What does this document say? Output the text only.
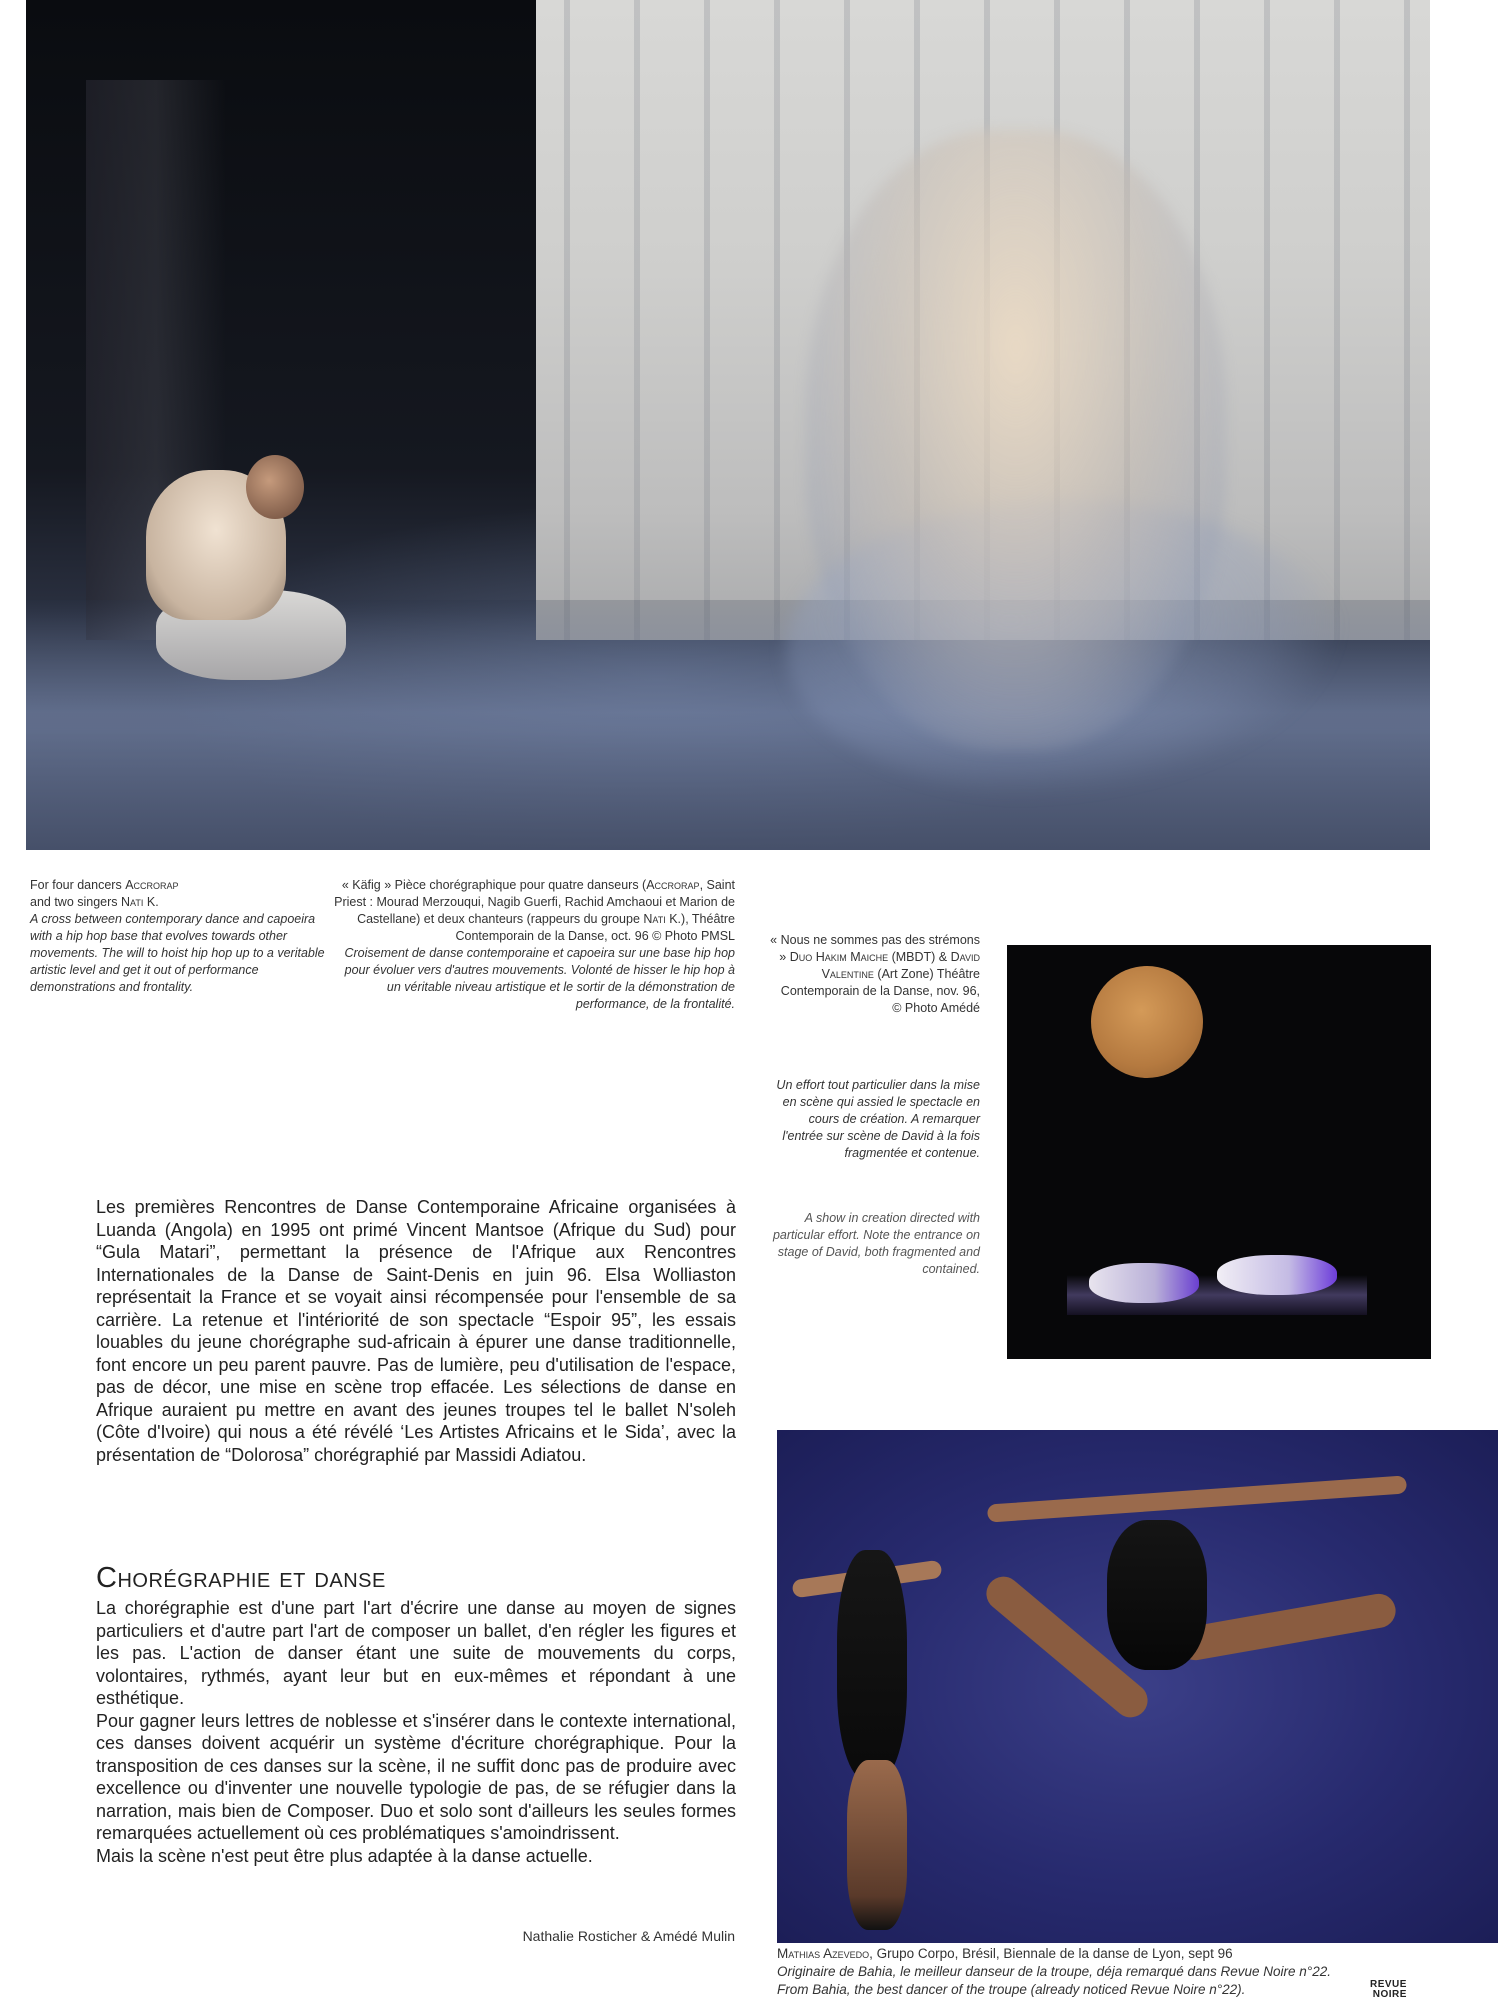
For four dancers Accrorap
and two singers Nati K.
A cross between contemporary dance and capoeira with a hip hop base that evolves towards other movements. The will to hoist hip hop up to a veritable artistic level and get it out of performance demonstrations and frontality.
« Käfig » Pièce chorégraphique pour quatre danseurs (Accrorap, Saint Priest : Mourad Merzouqui, Nagib Guerfi, Rachid Amchaoui et Marion de Castellane) et deux chanteurs (rappeurs du groupe Nati K.), Théâtre Contemporain de la Danse, oct. 96 © Photo PMSL
Croisement de danse contemporaine et capoeira sur une base hip hop pour évoluer vers d'autres mouvements. Volonté de hisser le hip hop à un véritable niveau artistique et le sortir de la démonstration de performance, de la frontalité.
« Nous ne sommes pas des strémons » Duo Hakim Maiche (MBDT) & David Valentine (Art Zone) Théâtre Contemporain de la Danse, nov. 96, © Photo Amédé
Un effort tout particulier dans la mise en scène qui assied le spectacle en cours de création. A remarquer l'entrée sur scène de David à la fois fragmentée et contenue.
A show in creation directed with particular effort. Note the entrance on stage of David, both fragmented and contained.
Les premières Rencontres de Danse Contemporaine Africaine organisées à Luanda (Angola) en 1995 ont primé Vincent Mantsoe (Afrique du Sud) pour “Gula Matari”, permettant la présence de l'Afrique aux Rencontres Internationales de la Danse de Saint-Denis en juin 96. Elsa Wolliaston représentait la France et se voyait ainsi récompensée pour l'ensemble de sa carrière. La retenue et l'intériorité de son spectacle “Espoir 95”, les essais louables du jeune chorégraphe sud-africain à épurer une danse traditionnelle, font encore un peu parent pauvre. Pas de lumière, peu d'utilisation de l'espace, pas de décor, une mise en scène trop effacée. Les sélections de danse en Afrique auraient pu mettre en avant des jeunes troupes tel le ballet N'soleh (Côte d'Ivoire) qui nous a été révélé ‘Les Artistes Africains et le Sida’, avec la présentation de “Dolorosa” chorégraphié par Massidi Adiatou.
Chorégraphie et danse

La chorégraphie est d'une part l'art d'écrire une danse au moyen de signes particuliers et d'autre part l'art de composer un ballet, d'en régler les figures et les pas. L'action de danser étant une suite de mouvements du corps, volontaires, rythmés, ayant leur but en eux-mêmes et répondant à une esthétique.

Pour gagner leurs lettres de noblesse et s'insérer dans le contexte international, ces danses doivent acquérir un système d'écriture chorégraphique. Pour la transposition de ces danses sur la scène, il ne suffit donc pas de produire avec excellence ou d'inventer une nouvelle typologie de pas, de se réfugier dans la narration, mais bien de Composer. Duo et solo sont d'ailleurs les seules formes remarquées actuellement où ces problématiques s'amoindrissent.

Mais la scène n'est peut être plus adaptée à la danse actuelle.

Nathalie Rosticher & Amédé Mulin
Mathias Azevedo, Grupo Corpo, Brésil, Biennale de la danse de Lyon, sept 96
Originaire de Bahia, le meilleur danseur de la troupe, déja remarqué dans Revue Noire n°22.
From Bahia, the best dancer of the troupe (already noticed Revue Noire n°22).	REVUE
NOIRE
